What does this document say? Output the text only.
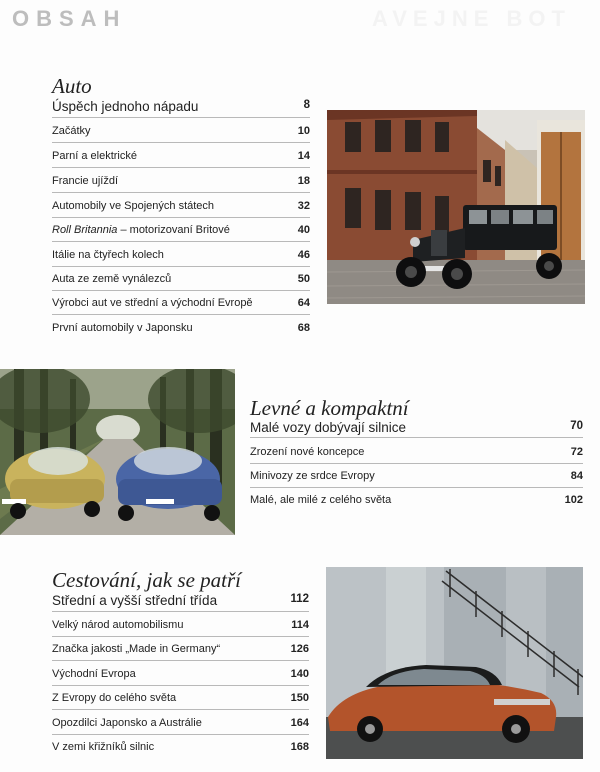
OBSAH	AVEJNE BOT
Auto
Úspěch jednoho nápadu	8
Začátky	10
Parní a elektrické	14
Francie ujíždí	18
Automobily ve Spojených státech	32
Roll Britannia – motorizovaní Britové	40
Itálie na čtyřech kolech	46
Auta ze země vynálezců	50
Výrobci aut ve střední a východní Evropě	64
První automobily v Japonsku	68
Levné a kompaktní
Malé vozy dobývají silnice	70
Zrození nové koncepce	72
Minivozy ze srdce Evropy	84
Malé, ale milé z celého světa	102
Cestování, jak se patří
Střední a vyšší střední třída	112
Velký národ automobilismu	114
Značka jakosti „Made in Germany“	126
Východní Evropa	140
Z Evropy do celého světa	150
Opozdilci Japonsko a Austrálie	164
V zemi křižníků silnic	168
